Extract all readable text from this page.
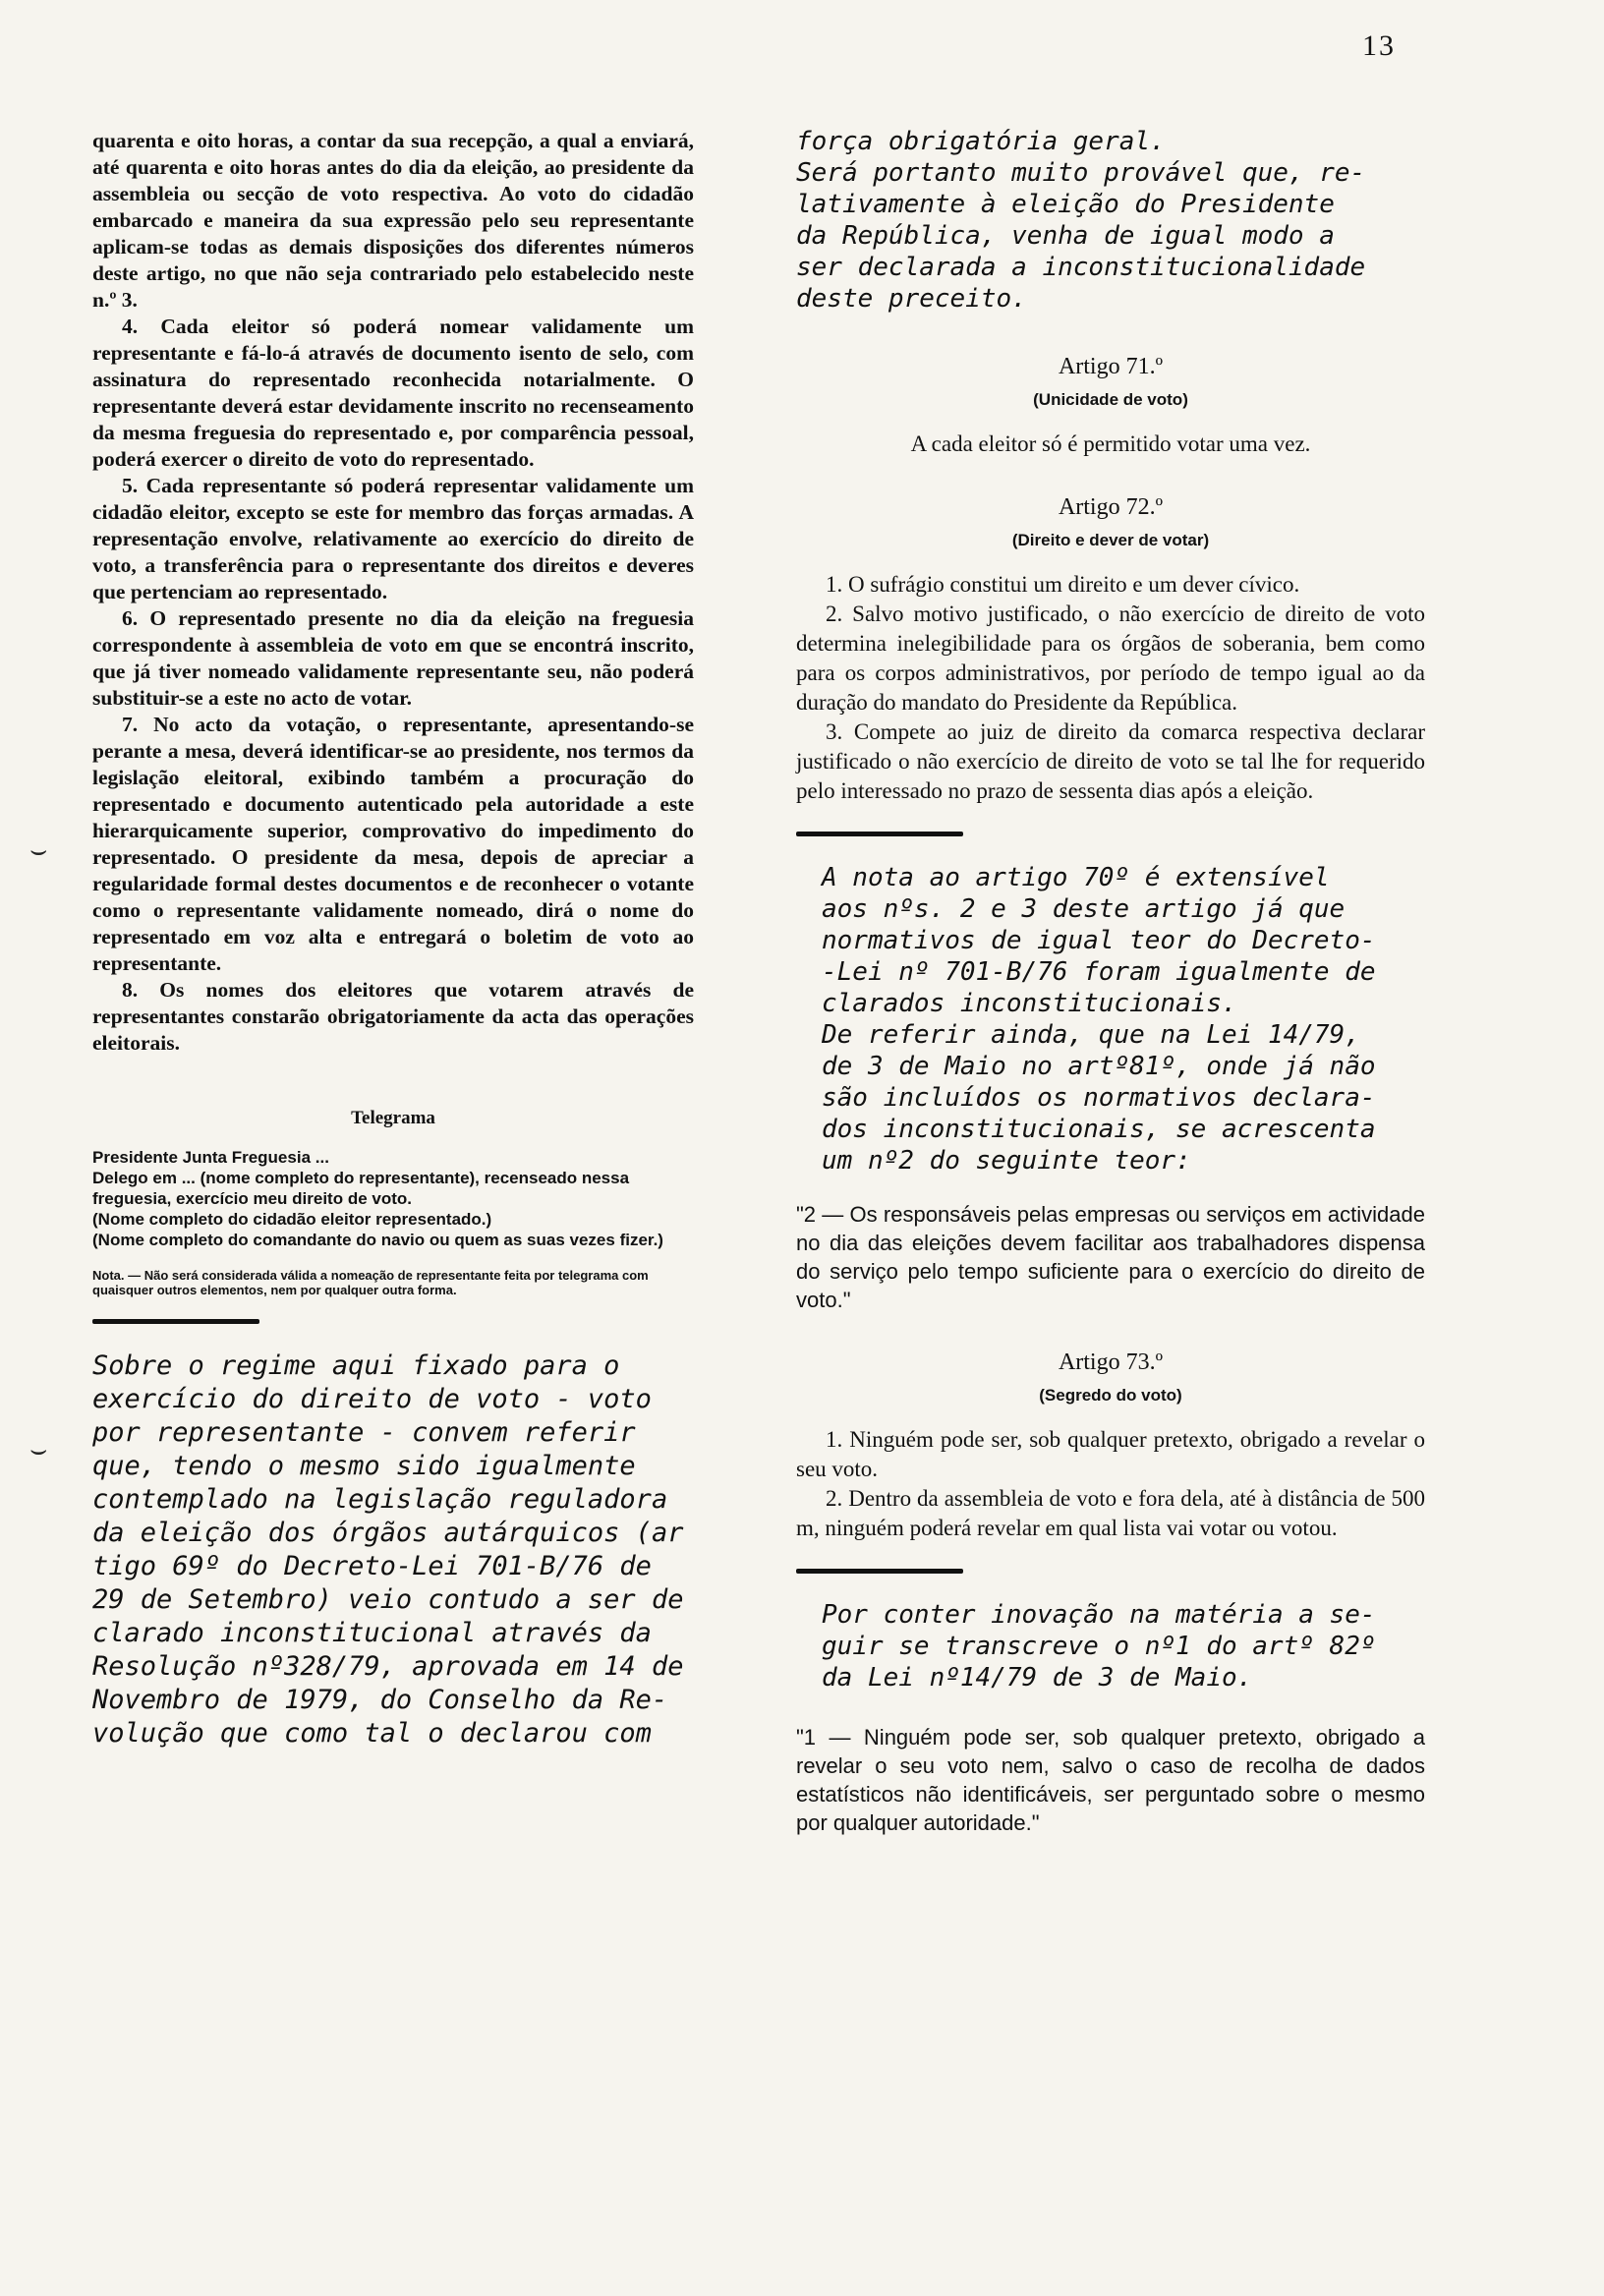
13

quarenta e oito horas, a contar da sua recepção, a qual a enviará, até quarenta e oito horas antes do dia da eleição, ao presidente da assembleia ou secção de voto respectiva. Ao voto do cidadão embarcado e maneira da sua expressão pelo seu representante aplicam-se todas as demais disposições dos diferentes números deste artigo, no que não seja contrariado pelo estabelecido neste n.º 3.

4. Cada eleitor só poderá nomear validamente um representante e fá-lo-á através de documento isento de selo, com assinatura do representado reconhecida notarialmente. O representante deverá estar devidamente inscrito no recenseamento da mesma freguesia do representado e, por comparência pessoal, poderá exercer o direito de voto do representado.

5. Cada representante só poderá representar validamente um cidadão eleitor, excepto se este for membro das forças armadas. A representação envolve, relativamente ao exercício do direito de voto, a transferência para o representante dos direitos e deveres que pertenciam ao representado.

6. O representado presente no dia da eleição na freguesia correspondente à assembleia de voto em que se encontrá inscrito, que já tiver nomeado validamente representante seu, não poderá substituir-se a este no acto de votar.

7. No acto da votação, o representante, apresentando-se perante a mesa, deverá identificar-se ao presidente, nos termos da legislação eleitoral, exibindo também a procuração do representado e documento autenticado pela autoridade a este hierarquicamente superior, comprovativo do impedimento do representado. O presidente da mesa, depois de apreciar a regularidade formal destes documentos e de reconhecer o votante como o representante validamente nomeado, dirá o nome do representado em voz alta e entregará o boletim de voto ao representante.

8. Os nomes dos eleitores que votarem através de representantes constarão obrigatoriamente da acta das operações eleitorais.

Telegrama

Presidente Junta Freguesia ...

Delego em ... (nome completo do representante), recenseado nessa freguesia, exercício meu direito de voto.

(Nome completo do cidadão eleitor representado.)

(Nome completo do comandante do navio ou quem as suas vezes fizer.)

Nota. — Não será considerada válida a nomeação de representante feita por telegrama com quaisquer outros elementos, nem por qualquer outra forma.

Sobre o regime aqui fixado para o
exercício do direito de voto - voto
por representante - convem referir
que, tendo o mesmo sido igualmente
contemplado na legislação reguladora
da eleição dos órgãos autárquicos (ar
tigo 69º do Decreto-Lei 701-B/76 de
29 de Setembro) veio contudo a ser de
clarado inconstitucional através da
Resolução nº328/79, aprovada em 14 de
Novembro de 1979, do Conselho da Re-
volução que como tal o declarou com

força obrigatória geral.
Será portanto muito provável que, re-
lativamente à eleição do Presidente
da República, venha de igual modo a
ser declarada a inconstitucionalidade
deste preceito.

Artigo 71.º

(Unicidade de voto)

A cada eleitor só é permitido votar uma vez.

Artigo 72.º

(Direito e dever de votar)

1. O sufrágio constitui um direito e um dever cívico.

2. Salvo motivo justificado, o não exercício de direito de voto determina inelegibilidade para os órgãos de soberania, bem como para os corpos administrativos, por período de tempo igual ao da duração do mandato do Presidente da República.

3. Compete ao juiz de direito da comarca respectiva declarar justificado o não exercício de direito de voto se tal lhe for requerido pelo interessado no prazo de sessenta dias após a eleição.

A nota ao artigo 70º é extensível
aos nºs. 2 e 3 deste artigo já que
normativos de igual teor do Decreto-
-Lei nº 701-B/76 foram igualmente de
clarados inconstitucionais.
De referir ainda, que na Lei 14/79,
de 3 de Maio no artº81º, onde já não
são incluídos os normativos declara-
dos inconstitucionais, se acrescenta
um nº2 do seguinte teor:

"2 — Os responsáveis pelas empresas ou serviços em actividade no dia das eleições devem facilitar aos trabalhadores dispensa do serviço pelo tempo suficiente para o exercício do direito de voto."

Artigo 73.º

(Segredo do voto)

1. Ninguém pode ser, sob qualquer pretexto, obrigado a revelar o seu voto.

2. Dentro da assembleia de voto e fora dela, até à distância de 500 m, ninguém poderá revelar em qual lista vai votar ou votou.

Por conter inovação na matéria a se-
guir se transcreve o nº1 do artº 82º
da Lei nº14/79 de 3 de Maio.

"1 — Ninguém pode ser, sob qualquer pretexto, obrigado a revelar o seu voto nem, salvo o caso de recolha de dados estatísticos não identificáveis, ser perguntado sobre o mesmo por qualquer autoridade."

⌣
⌣
